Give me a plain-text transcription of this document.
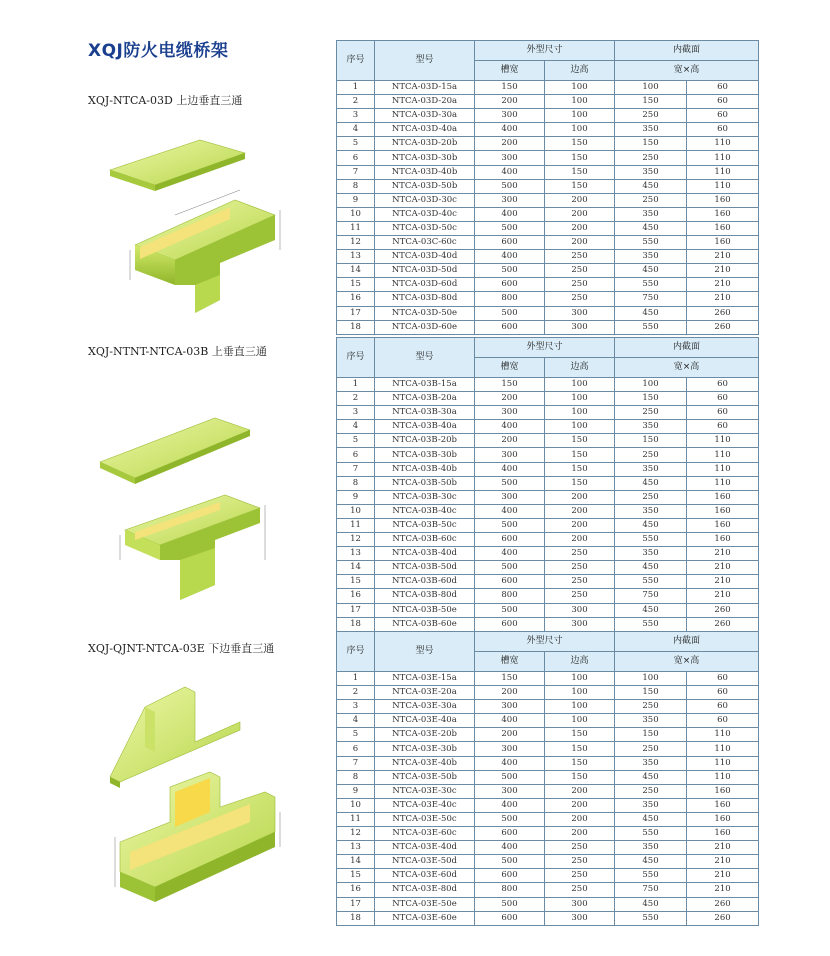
XQJ防火电缆桥架
XQJ-NTCA-03D 上边垂直三通
XQJ-NTNT-NTCA-03B 上垂直三通
XQJ-QJNT-NTCA-03E 下边垂直三通
序号	型号	外型尺寸		内截面	
		槽宽	边高	宽×高	
1	NTCA-03D-15a	150	100	100	60
2	NTCA-03D-20a	200	100	150	60
3	NTCA-03D-30a	300	100	250	60
4	NTCA-03D-40a	400	100	350	60
5	NTCA-03D-20b	200	150	150	110
6	NTCA-03D-30b	300	150	250	110
7	NTCA-03D-40b	400	150	350	110
8	NTCA-03D-50b	500	150	450	110
9	NTCA-03D-30c	300	200	250	160
10	NTCA-03D-40c	400	200	350	160
11	NTCA-03D-50c	500	200	450	160
12	NTCA-03C-60c	600	200	550	160
13	NTCA-03D-40d	400	250	350	210
14	NTCA-03D-50d	500	250	450	210
15	NTCA-03D-60d	600	250	550	210
16	NTCA-03D-80d	800	250	750	210
17	NTCA-03D-50e	500	300	450	260
18	NTCA-03D-60e	600	300	550	260
序号	型号	外型尺寸		内截面	
		槽宽	边高	宽×高	
1	NTCA-03B-15a	150	100	100	60
2	NTCA-03B-20a	200	100	150	60
3	NTCA-03B-30a	300	100	250	60
4	NTCA-03B-40a	400	100	350	60
5	NTCA-03B-20b	200	150	150	110
6	NTCA-03B-30b	300	150	250	110
7	NTCA-03B-40b	400	150	350	110
8	NTCA-03B-50b	500	150	450	110
9	NTCA-03B-30c	300	200	250	160
10	NTCA-03B-40c	400	200	350	160
11	NTCA-03B-50c	500	200	450	160
12	NTCA-03B-60c	600	200	550	160
13	NTCA-03B-40d	400	250	350	210
14	NTCA-03B-50d	500	250	450	210
15	NTCA-03B-60d	600	250	550	210
16	NTCA-03B-80d	800	250	750	210
17	NTCA-03B-50e	500	300	450	260
18	NTCA-03B-60e	600	300	550	260
序号	型号	外型尺寸		内截面	
		槽宽	边高	宽×高	
1	NTCA-03E-15a	150	100	100	60
2	NTCA-03E-20a	200	100	150	60
3	NTCA-03E-30a	300	100	250	60
4	NTCA-03E-40a	400	100	350	60
5	NTCA-03E-20b	200	150	150	110
6	NTCA-03E-30b	300	150	250	110
7	NTCA-03E-40b	400	150	350	110
8	NTCA-03E-50b	500	150	450	110
9	NTCA-03E-30c	300	200	250	160
10	NTCA-03E-40c	400	200	350	160
11	NTCA-03E-50c	500	200	450	160
12	NTCA-03E-60c	600	200	550	160
13	NTCA-03E-40d	400	250	350	210
14	NTCA-03E-50d	500	250	450	210
15	NTCA-03E-60d	600	250	550	210
16	NTCA-03E-80d	800	250	750	210
17	NTCA-03E-50e	500	300	450	260
18	NTCA-03E-60e	600	300	550	260
